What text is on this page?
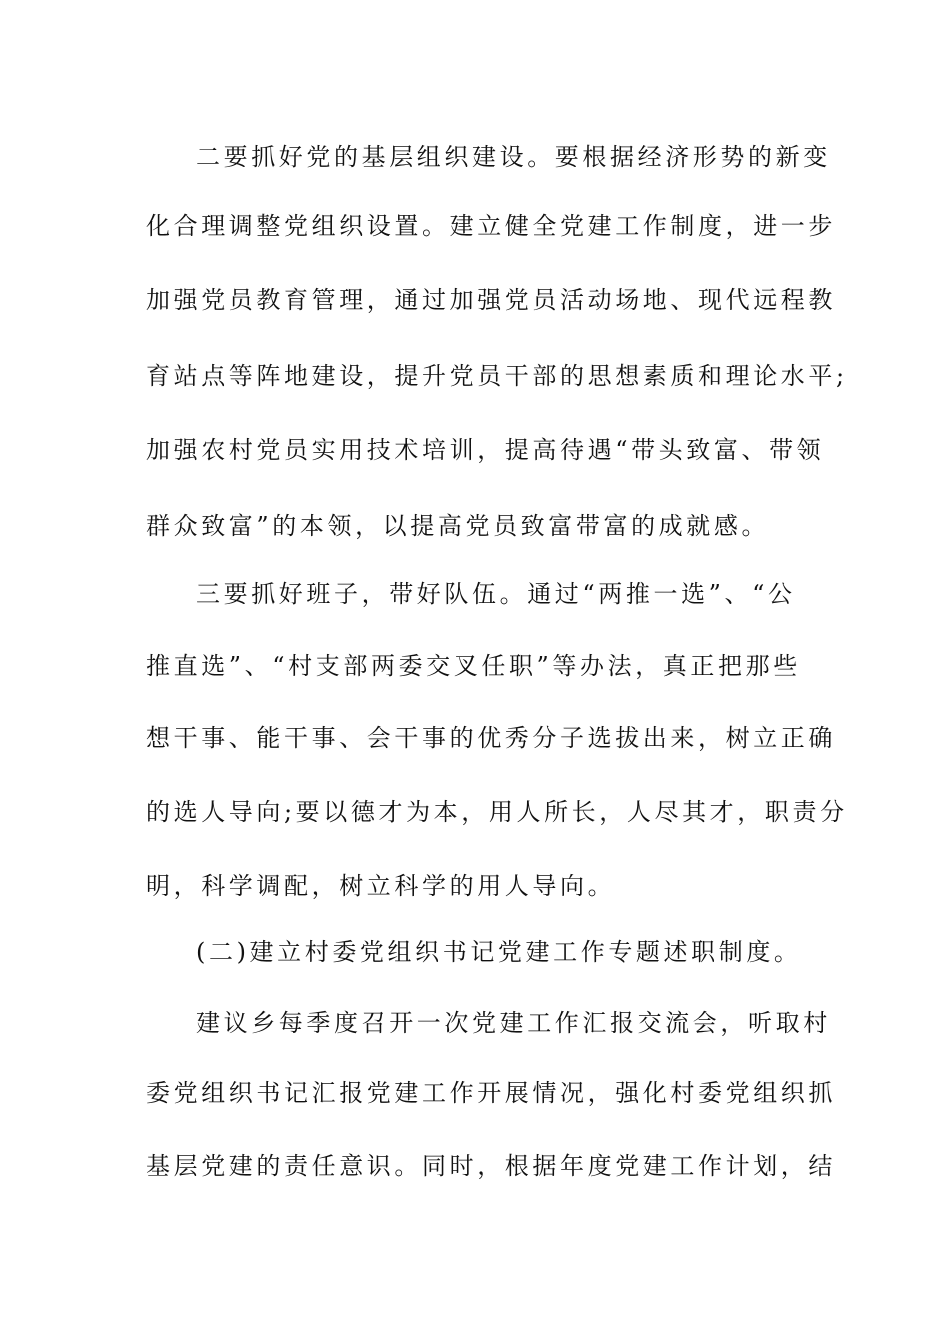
二要抓好党的基层组织建设。要根据经济形势的新变
化合理调整党组织设置。建立健全党建工作制度，进一步
加强党员教育管理，通过加强党员活动场地、现代远程教
育站点等阵地建设，提升党员干部的思想素质和理论水平;
加强农村党员实用技术培训，提高待遇“带头致富、带领
群众致富”的本领，以提高党员致富带富的成就感。
三要抓好班子，带好队伍。通过“两推一选”、“公
推直选”、“村支部两委交叉任职”等办法，真正把那些
想干事、能干事、会干事的优秀分子选拔出来，树立正确
的选人导向;要以德才为本，用人所长，人尽其才，职责分
明，科学调配，树立科学的用人导向。
(二)建立村委党组织书记党建工作专题述职制度。
建议乡每季度召开一次党建工作汇报交流会，听取村
委党组织书记汇报党建工作开展情况，强化村委党组织抓
基层党建的责任意识。同时，根据年度党建工作计划，结
